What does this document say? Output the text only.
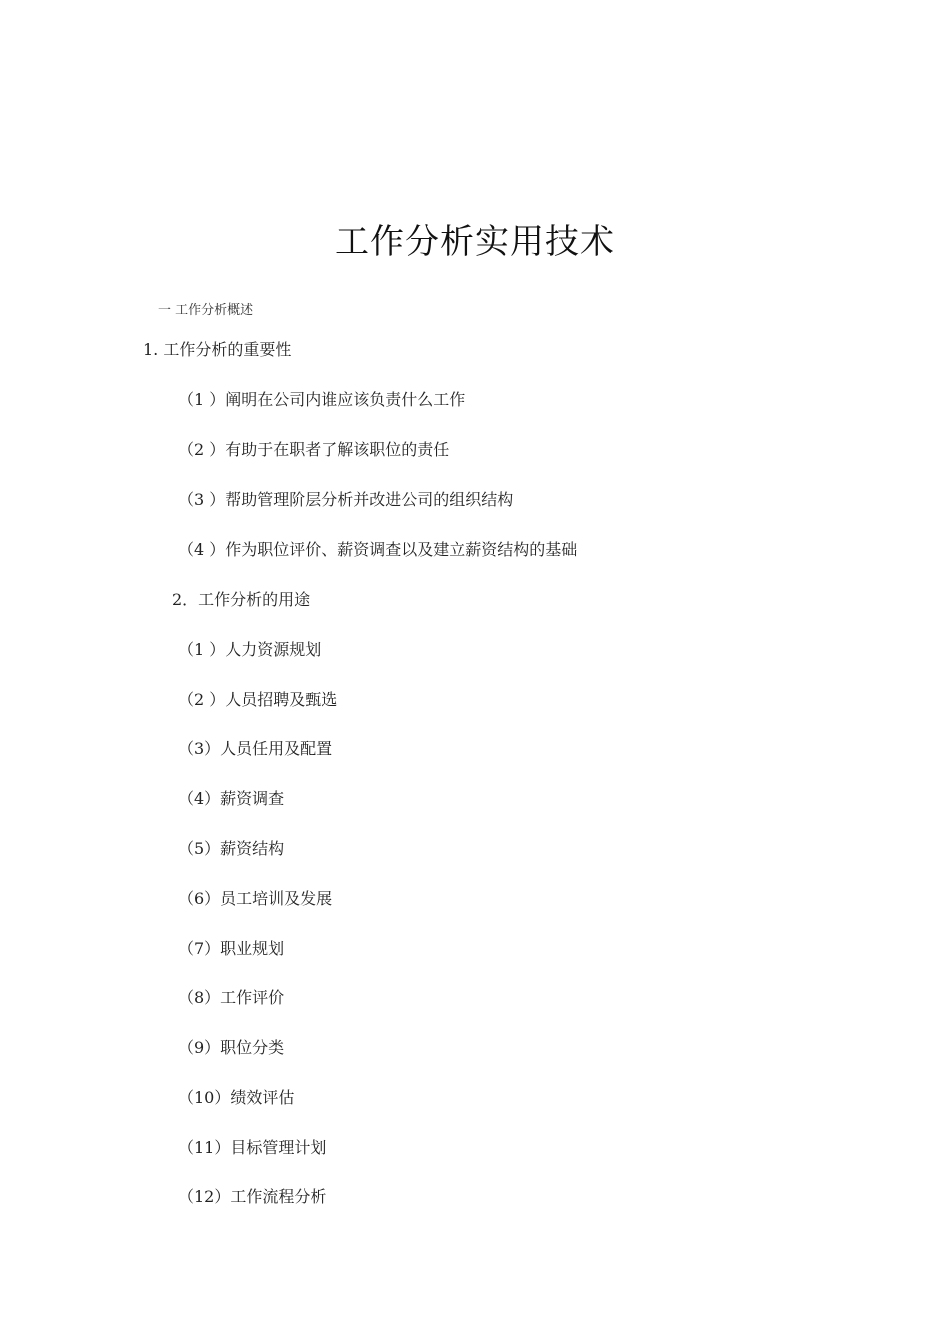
工作分析实用技术
一 工作分析概述
1. 工作分析的重要性
（1 ）阐明在公司内谁应该负责什么工作
（2 ）有助于在职者了解该职位的责任
（3 ）帮助管理阶层分析并改进公司的组织结构
（4 ）作为职位评价、薪资调查以及建立薪资结构的基础
2．工作分析的用途
（1 ）人力资源规划
（2 ）人员招聘及甄选
（3）人员任用及配置
（4）薪资调查
（5）薪资结构
（6）员工培训及发展
（7）职业规划
（8）工作评价
（9）职位分类
（10）绩效评估
（11）目标管理计划
（12）工作流程分析
